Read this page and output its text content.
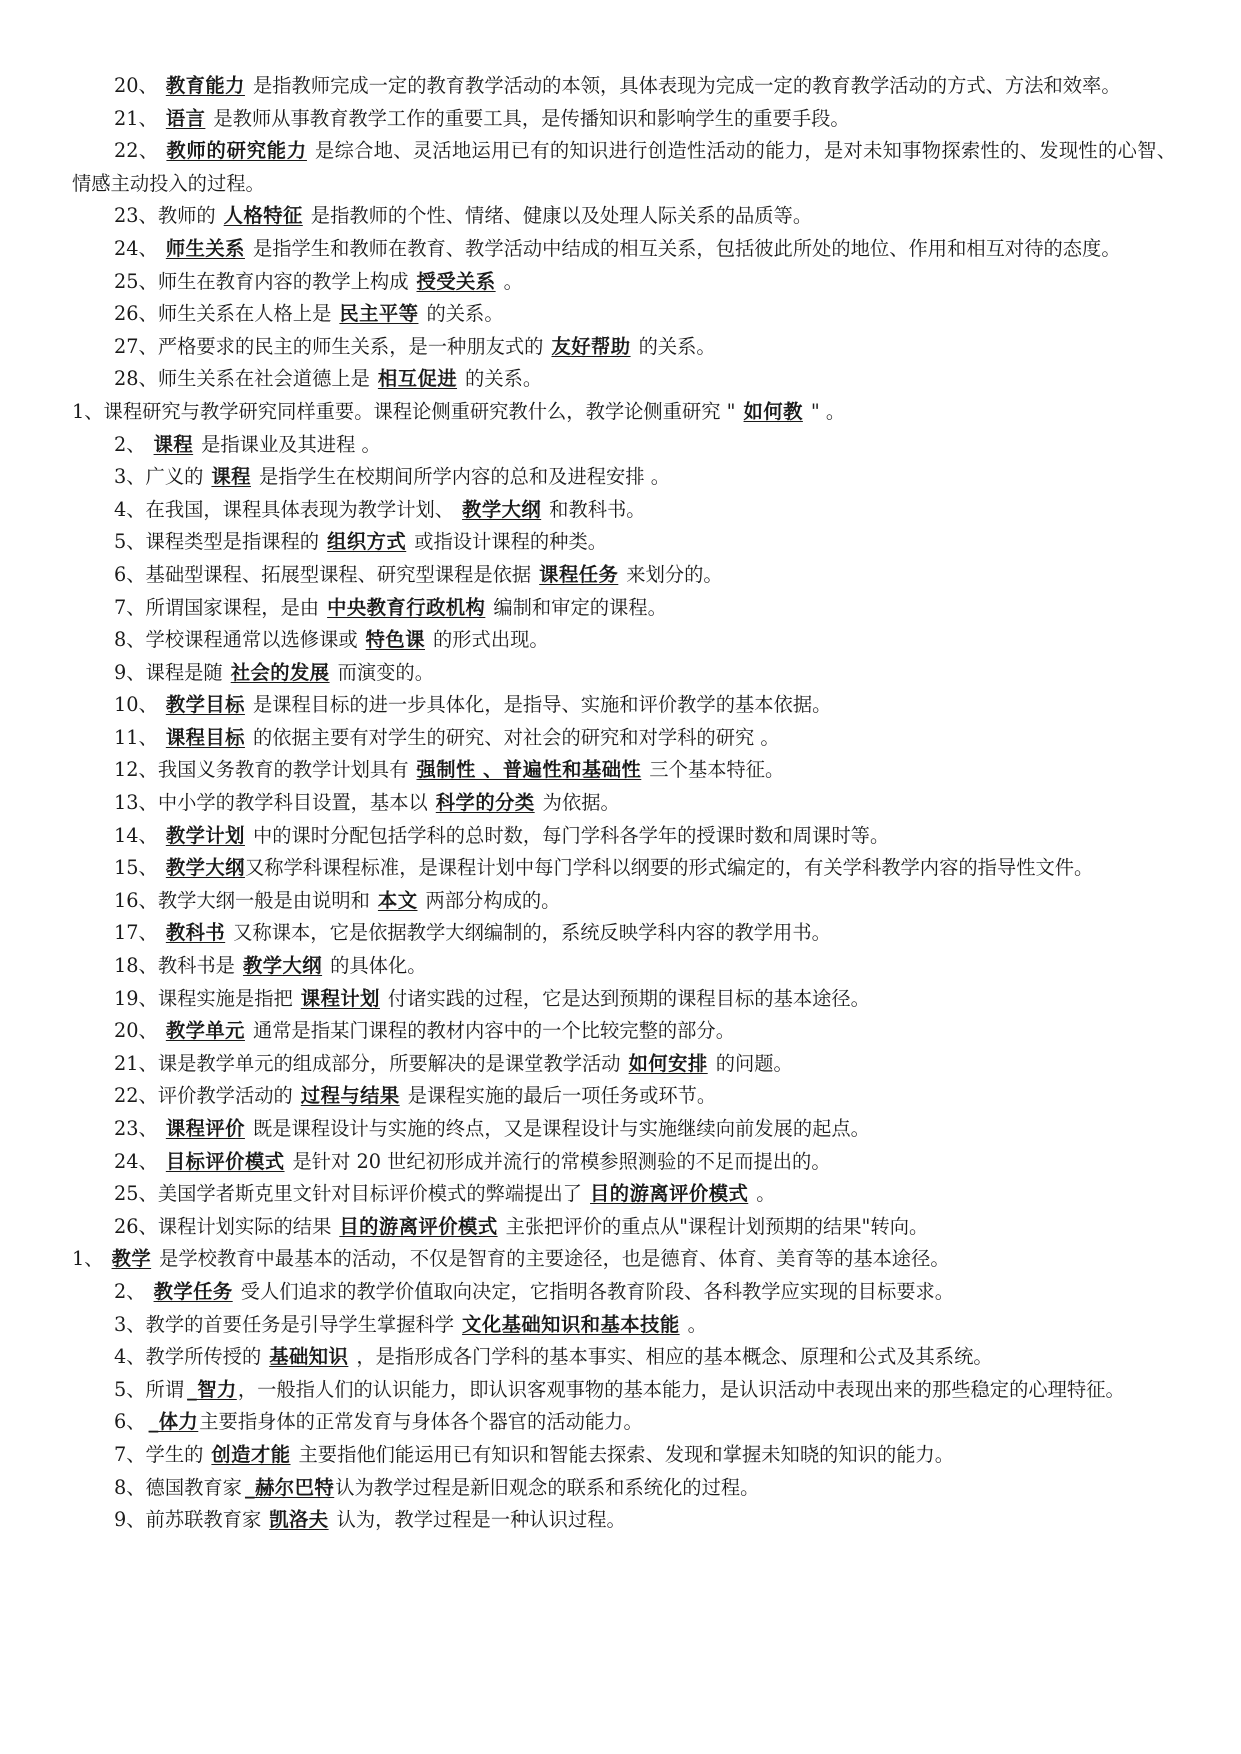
20、 教育能力 是指教师完成一定的教育教学活动的本领，具体表现为完成一定的教育教学活动的方式、方法和效率。

21、 语言 是教师从事教育教学工作的重要工具，是传播知识和影响学生的重要手段。

22、 教师的研究能力 是综合地、灵活地运用已有的知识进行创造性活动的能力，是对未知事物探索性的、发现性的心智、情感主动投入的过程。

23、教师的 人格特征 是指教师的个性、情绪、健康以及处理人际关系的品质等。

24、 师生关系 是指学生和教师在教育、教学活动中结成的相互关系，包括彼此所处的地位、作用和相互对待的态度。

25、师生在教育内容的教学上构成 授受关系 。

26、师生关系在人格上是 民主平等 的关系。

27、严格要求的民主的师生关系，是一种朋友式的 友好帮助 的关系。

28、师生关系在社会道德上是 相互促进 的关系。

1、课程研究与教学研究同样重要。课程论侧重研究教什么，教学论侧重研究 " 如何教 " 。

2、 课程 是指课业及其进程 。

3、广义的 课程 是指学生在校期间所学内容的总和及进程安排 。

4、在我国，课程具体表现为教学计划、 教学大纲 和教科书。

5、课程类型是指课程的 组织方式 或指设计课程的种类。

6、基础型课程、拓展型课程、研究型课程是依据 课程任务 来划分的。

7、所谓国家课程，是由 中央教育行政机构 编制和审定的课程。

8、学校课程通常以选修课或 特色课 的形式出现。

9、课程是随 社会的发展 而演变的。

10、 教学目标 是课程目标的进一步具体化，是指导、实施和评价教学的基本依据。

11、 课程目标 的依据主要有对学生的研究、对社会的研究和对学科的研究 。

12、我国义务教育的教学计划具有 强制性 、普遍性和基础性 三个基本特征。

13、中小学的教学科目设置，基本以 科学的分类 为依据。

14、 教学计划 中的课时分配包括学科的总时数，每门学科各学年的授课时数和周课时等。

15、 教学大纲又称学科课程标准，是课程计划中每门学科以纲要的形式编定的，有关学科教学内容的指导性文件。

16、教学大纲一般是由说明和 本文 两部分构成的。

17、 教科书 又称课本，它是依据教学大纲编制的，系统反映学科内容的教学用书。

18、教科书是 教学大纲 的具体化。

19、课程实施是指把 课程计划 付诸实践的过程，它是达到预期的课程目标的基本途径。

20、 教学单元 通常是指某门课程的教材内容中的一个比较完整的部分。

21、课是教学单元的组成部分，所要解决的是课堂教学活动 如何安排 的问题。

22、评价教学活动的 过程与结果 是课程实施的最后一项任务或环节。

23、 课程评价 既是课程设计与实施的终点，又是课程设计与实施继续向前发展的起点。

24、 目标评价模式 是针对 20 世纪初形成并流行的常模参照测验的不足而提出的。

25、美国学者斯克里文针对目标评价模式的弊端提出了 目的游离评价模式 。

26、课程计划实际的结果 目的游离评价模式 主张把评价的重点从"课程计划预期的结果"转向。

1、 教学 是学校教育中最基本的活动，不仅是智育的主要途径，也是德育、体育、美育等的基本途径。

2、 教学任务 受人们追求的教学价值取向决定，它指明各教育阶段、各科教学应实现的目标要求。

3、教学的首要任务是引导学生掌握科学 文化基础知识和基本技能 。

4、教学所传授的 基础知识 ，是指形成各门学科的基本事实、相应的基本概念、原理和公式及其系统。

5、所谓 _智力，一般指人们的认识能力，即认识客观事物的基本能力，是认识活动中表现出来的那些稳定的心理特征。

6、 _体力主要指身体的正常发育与身体各个器官的活动能力。

7、学生的 创造才能 主要指他们能运用已有知识和智能去探索、发现和掌握未知晓的知识的能力。

8、德国教育家 _赫尔巴特认为教学过程是新旧观念的联系和系统化的过程。

9、前苏联教育家 凯洛夫 认为，教学过程是一种认识过程。
